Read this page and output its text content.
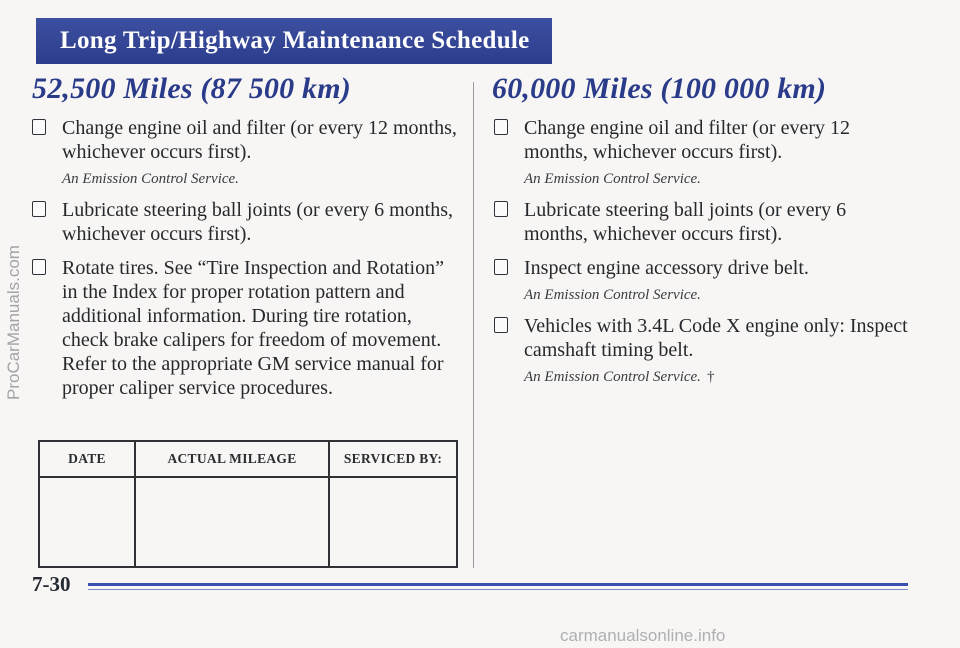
Long Trip/Highway Maintenance Schedule
52,500 Miles (87 500 km)
Change engine oil and filter (or every 12 months, whichever occurs first).
An Emission Control Service.
Lubricate steering ball joints (or every 6 months, whichever occurs first).
Rotate tires. See “Tire Inspection and Rotation” in the Index for proper rotation pattern and additional information. During tire rotation, check brake calipers for freedom of movement. Refer to the appropriate GM service manual for proper caliper service procedures.
DATE	ACTUAL MILEAGE	SERVICED BY:

60,000 Miles (100 000 km)
Change engine oil and filter (or every 12 months, whichever occurs first).
An Emission Control Service.
Lubricate steering ball joints (or every 6 months, whichever occurs first).
Inspect engine accessory drive belt.
An Emission Control Service.
Vehicles with 3.4L Code X engine only: Inspect camshaft timing belt.
An Emission Control Service. †
7-30
ProCarManuals.com
carmanualsonline.info
